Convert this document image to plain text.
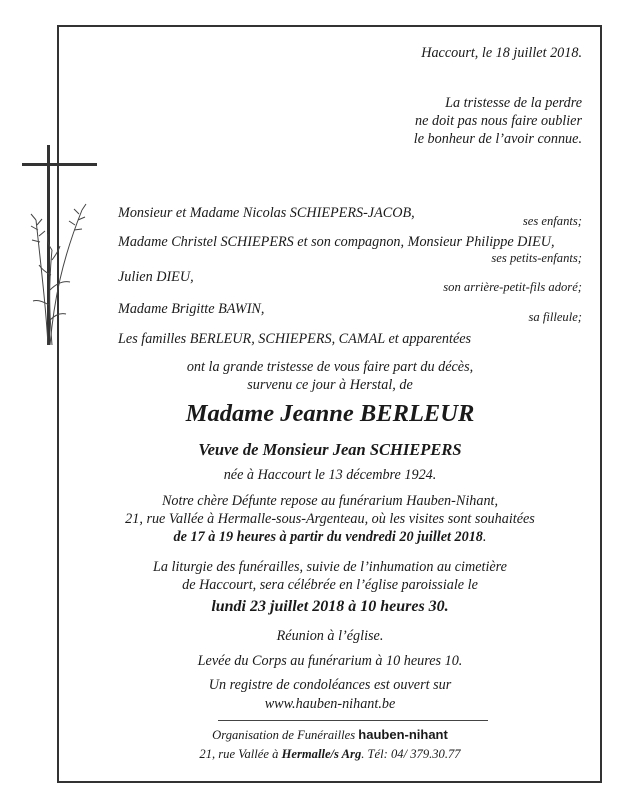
Haccourt, le 18 juillet 2018.
La tristesse de la perdre
ne doit pas nous faire oublier
le bonheur de l’avoir connue.
Monsieur et Madame Nicolas SCHIEPERS-JACOB,	ses enfants;
Madame Christel SCHIEPERS et son compagnon, Monsieur Philippe DIEU,
ses petits-enfants;
Julien DIEU,
son arrière-petit-fils adoré;
Madame Brigitte BAWIN,	sa filleule;
Les familles BERLEUR, SCHIEPERS, CAMAL et apparentées
ont la grande tristesse de vous faire part du décès,
survenu ce jour à Herstal, de
Madame Jeanne BERLEUR
Veuve de Monsieur Jean SCHIEPERS
née à Haccourt le 13 décembre 1924.
Notre chère Défunte repose au funérarium Hauben-Nihant,
21, rue Vallée à Hermalle-sous-Argenteau, où les visites sont souhaitées
de 17 à 19 heures à partir du vendredi 20 juillet 2018.
La liturgie des funérailles, suivie de l’inhumation au cimetière
de Haccourt, sera célébrée en l’église paroissiale le
lundi 23 juillet 2018 à 10 heures 30.
Réunion à l’église.
Levée du Corps au funérarium à 10 heures 10.
Un registre de condoléances est ouvert sur
www.hauben-nihant.be
Organisation de Funérailles hauben-nihant
21, rue Vallée à Hermalle/s Arg. Tél: 04/ 379.30.77
